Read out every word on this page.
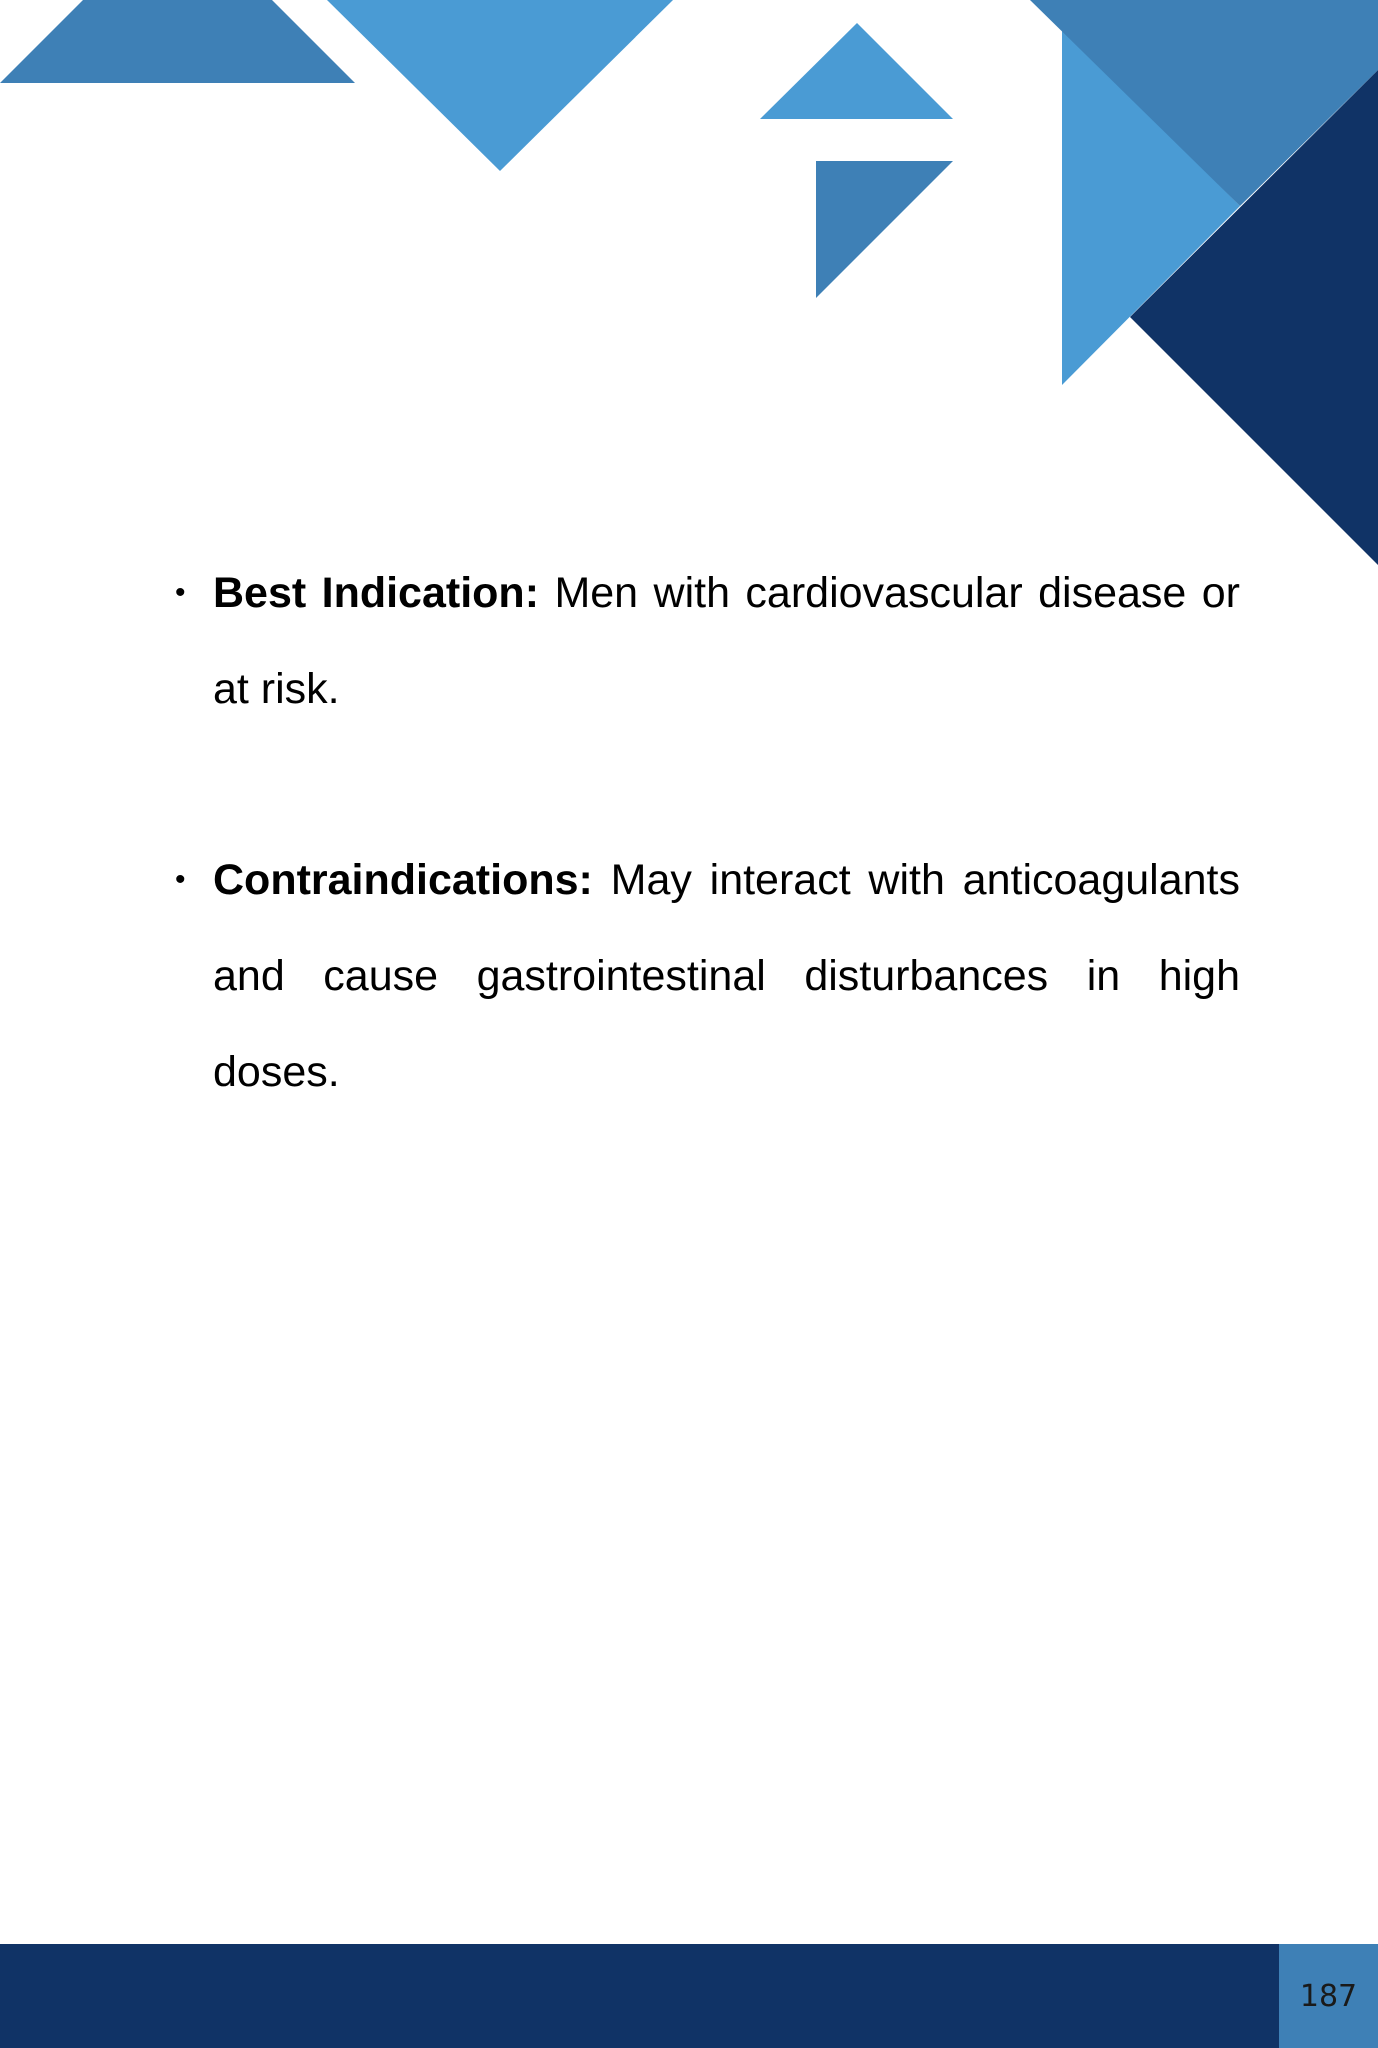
• Best Indication: Men with cardiovascular disease or at risk.
• Contraindications: May interact with anticoagulants and cause gastrointestinal disturbances in high doses.
187
